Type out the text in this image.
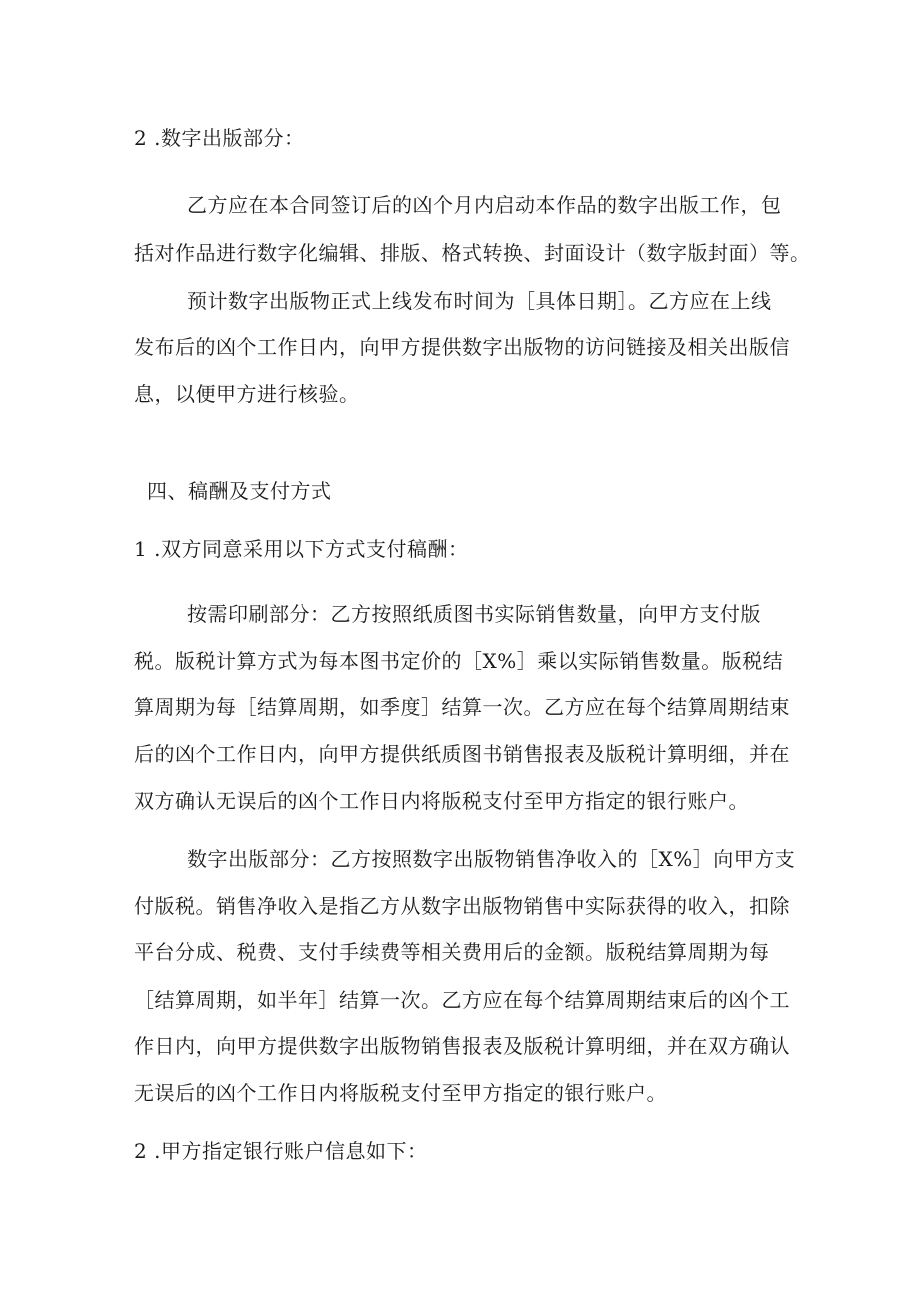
2 .数字出版部分：
乙方应在本合同签订后的凶个月内启动本作品的数字出版工作，包
括对作品进行数字化编辑、排版、格式转换、封面设计（数字版封面）等。
预计数字出版物正式上线发布时间为［具体日期］。乙方应在上线
发布后的凶个工作日内，向甲方提供数字出版物的访问链接及相关出版信
息，以便甲方进行核验。
四、稿酬及支付方式
1 .双方同意采用以下方式支付稿酬：
按需印刷部分：乙方按照纸质图书实际销售数量，向甲方支付版
税。版税计算方式为每本图书定价的［X%］乘以实际销售数量。版税结
算周期为每［结算周期，如季度］结算一次。乙方应在每个结算周期结束
后的凶个工作日内，向甲方提供纸质图书销售报表及版税计算明细，并在
双方确认无误后的凶个工作日内将版税支付至甲方指定的银行账户。
数字出版部分：乙方按照数字出版物销售净收入的［X%］向甲方支
付版税。销售净收入是指乙方从数字出版物销售中实际获得的收入，扣除
平台分成、税费、支付手续费等相关费用后的金额。版税结算周期为每
［结算周期，如半年］结算一次。乙方应在每个结算周期结束后的凶个工
作日内，向甲方提供数字出版物销售报表及版税计算明细，并在双方确认
无误后的凶个工作日内将版税支付至甲方指定的银行账户。
2 .甲方指定银行账户信息如下：
